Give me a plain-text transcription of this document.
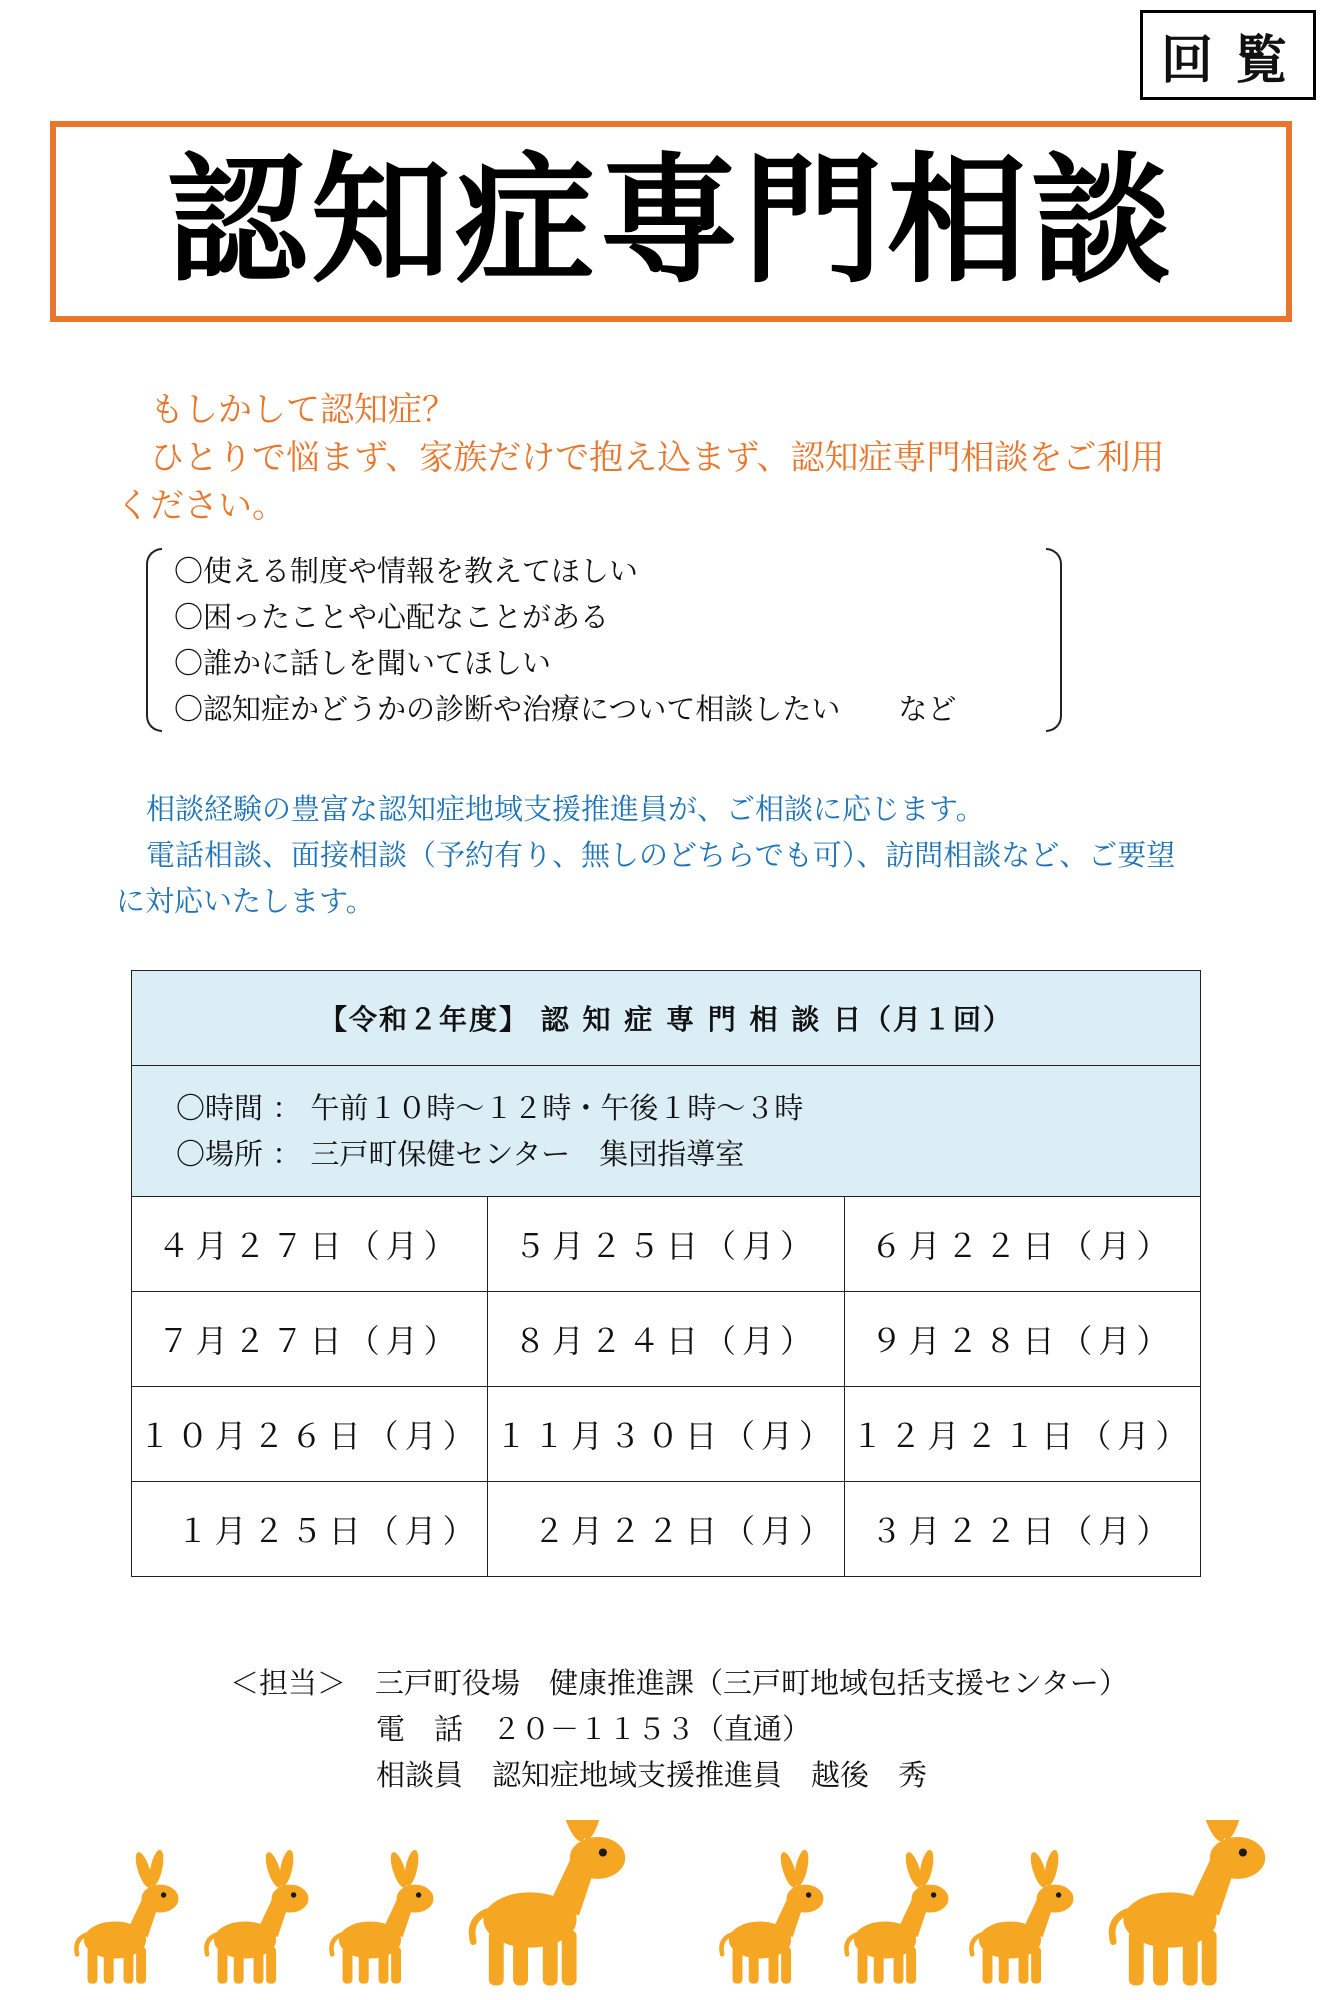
回覧
認知症専門相談

もしかして認知症？

ひとりで悩まず、家族だけで抱え込まず、認知症専門相談をご利用

ください。

〇使える制度や情報を教えてほしい
〇困ったことや心配なことがある
〇誰かに話しを聞いてほしい
〇認知症かどうかの診断や治療について相談したい　　など

相談経験の豊富な認知症地域支援推進員が、ご相談に応じます。

電話相談、面接相談（予約有り、無しのどちらでも可）、訪問相談など、ご要望

に対応いたします。

【令和２年度】 認 知 症 専 門 相 談 日（月１回）		

〇時間 ： 午前１０時～１２時・午後１時～３時
〇場所 ： 三戸町保健センター　集団指導室		

４月２７日（月）	５月２５日（月）	６月２２日（月）
７月２７日（月）	８月２４日（月）	９月２８日（月）
１０月２６日（月）	１１月３０日（月）	１２月２１日（月）
　１月２５日（月）	　２月２２日（月）	３月２２日（月）
＜担当＞　三戸町役場　健康推進課（三戸町地域包括支援センター）
電　話　２０－１１５３（直通）
相談員　認知症地域支援推進員　越後　秀
